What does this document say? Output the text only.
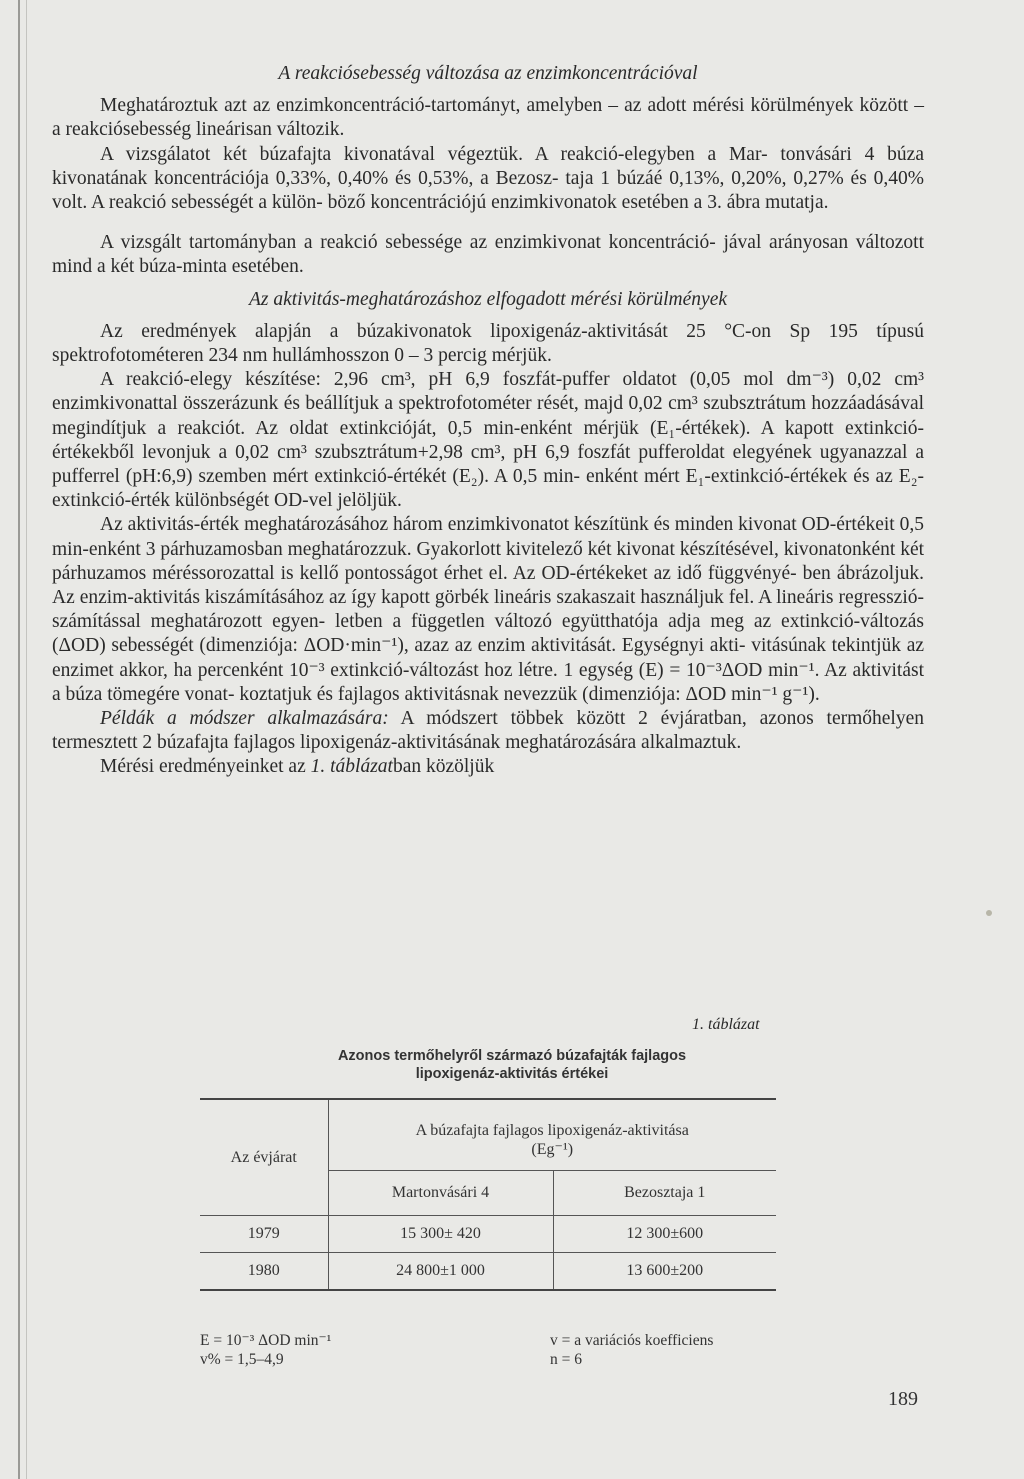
A reakciósebesség változása az enzimkoncentrációval

Meghatároztuk azt az enzimkoncentráció-tartományt, amelyben – az adott mérési körülmények között – a reakciósebesség lineárisan változik.

A vizsgálatot két búzafajta kivonatával végeztük. A reakció-elegyben a Mar- tonvásári 4 búza kivonatának koncentrációja 0,33%, 0,40% és 0,53%, a Bezosz- taja 1 búzáé 0,13%, 0,20%, 0,27% és 0,40% volt. A reakció sebességét a külön- böző koncentrációjú enzimkivonatok esetében a 3. ábra mutatja.

A vizsgált tartományban a reakció sebessége az enzimkivonat koncentráció- jával arányosan változott mind a két búza-minta esetében.

Az aktivitás-meghatározáshoz elfogadott mérési körülmények

Az eredmények alapján a búzakivonatok lipoxigenáz-aktivitását 25 °C-on Sp 195 típusú spektrofotométeren 234 nm hullámhosszon 0 – 3 percig mérjük.

A reakció-elegy készítése: 2,96 cm³, pH 6,9 foszfát-puffer oldatot (0,05 mol dm⁻³) 0,02 cm³ enzimkivonattal összerázunk és beállítjuk a spektrofotométer rését, majd 0,02 cm³ szubsztrátum hozzáadásával megindítjuk a reakciót. Az oldat extinkcióját, 0,5 min-enként mérjük (E₁-értékek). A kapott extinkció-értékekből levonjuk a 0,02 cm³ szubsztrátum+2,98 cm³, pH 6,9 foszfát pufferoldat elegyének ugyanazzal a pufferrel (pH:6,9) szemben mért extinkció-értékét (E₂). A 0,5 min- enként mért E₁-extinkció-értékek és az E₂-extinkció-érték különbségét OD-vel jelöljük.

Az aktivitás-érték meghatározásához három enzimkivonatot készítünk és minden kivonat OD-értékeit 0,5 min-enként 3 párhuzamosban meghatározzuk. Gyakorlott kivitelező két kivonat készítésével, kivonatonként két párhuzamos méréssorozattal is kellő pontosságot érhet el. Az OD-értékeket az idő függvényé- ben ábrázoljuk. Az enzim-aktivitás kiszámításához az így kapott görbék lineáris szakaszait használjuk fel. A lineáris regresszió-számítással meghatározott egyen- letben a független változó együtthatója adja meg az extinkció-változás (ΔOD) sebességét (dimenziója: ΔOD·min⁻¹), azaz az enzim aktivitását. Egységnyi akti- vitásúnak tekintjük az enzimet akkor, ha percenként 10⁻³ extinkció-változást hoz létre. 1 egység (E) = 10⁻³ΔOD min⁻¹. Az aktivitást a búza tömegére vonat- koztatjuk és fajlagos aktivitásnak nevezzük (dimenziója: ΔOD min⁻¹ g⁻¹).

Példák a módszer alkalmazására: A módszert többek között 2 évjáratban, azonos termőhelyen termesztett 2 búzafajta fajlagos lipoxigenáz-aktivitásának meghatározására alkalmaztuk.

Mérési eredményeinket az 1. táblázatban közöljük

1. táblázat
Azonos termőhelyről származó búzafajták fajlagos
lipoxigenáz-aktivitás értékei
Az évjárat	A búzafajta fajlagos lipoxigenáz-aktivitása
(Eg⁻¹)	

	Martonvásári 4	Bezosztaja 1
1979	15 300± 420	12 300±600
1980	24 800±1 000	13 600±200
E = 10⁻³ ΔOD min⁻¹
v% = 1,5–4,9
v = a variációs koefficiens
n = 6
189
